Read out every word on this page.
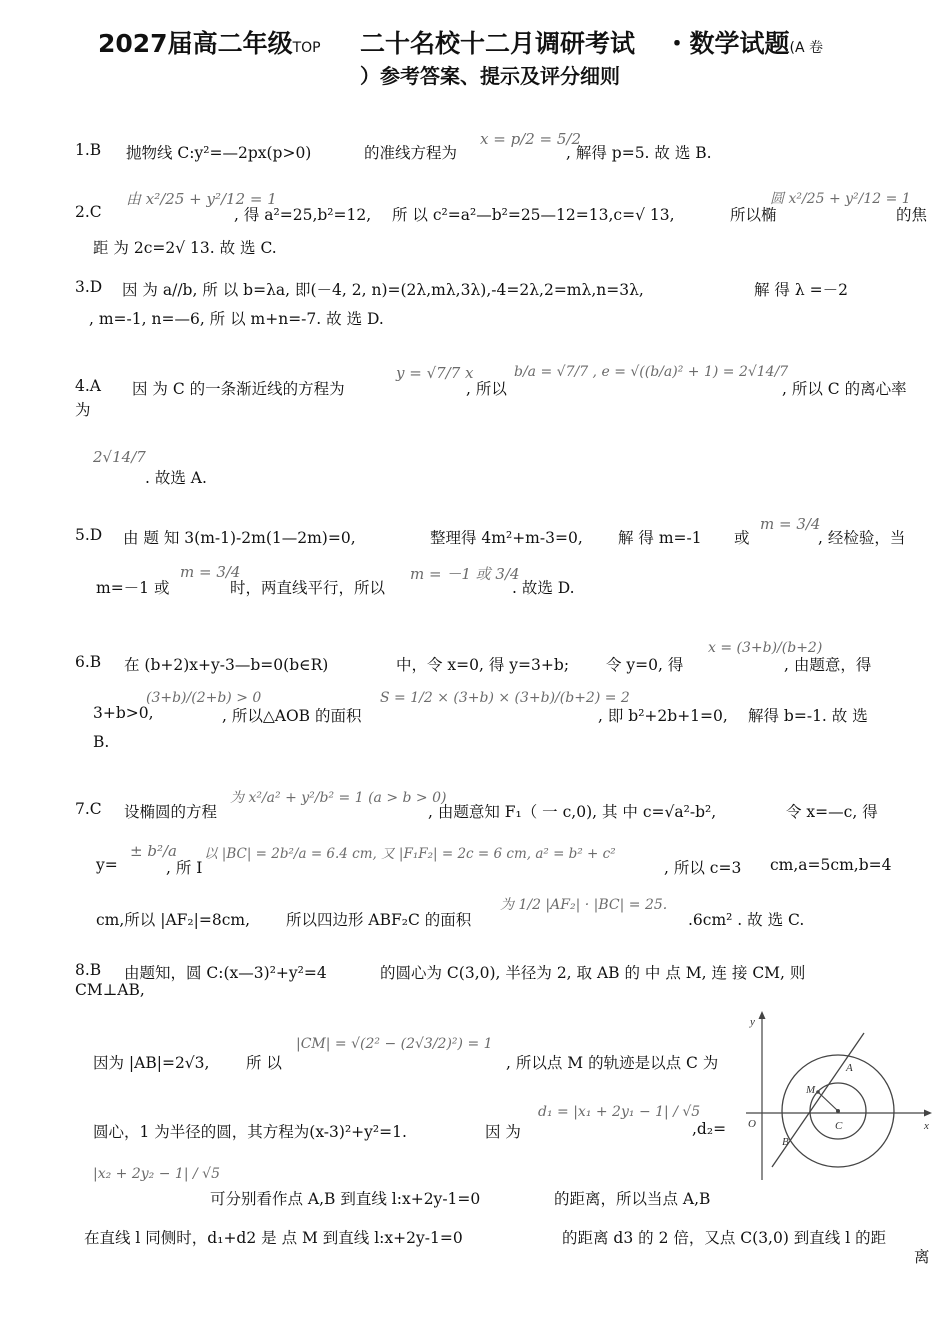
2027届高二年级TOP 二十名校十二月调研考试 ・数学试题(A 卷
）参考答案、提示及评分细则
1.B 抛物线 C:y²=—2px(p>0)	的准线方程为
x = p/2 = 5/2
, 解得 p=5. 故 选 B.
2.C
由 x²/25 + y²/12 = 1
, 得 a²=25,b²=12, 所 以 c²=a²—b²=25—12=13,c=√ 13,	所以椭
圆 x²/25 + y²/12 = 1
的焦
距 为 2c=2√ 13. 故 选 C.
3.D 因 为 a//b, 所 以 b=λa, 即(－4, 2, n)=(2λ,mλ,3λ),-4=2λ,2=mλ,n=3λ,	解 得 λ =－2
, m=-1, n=—6, 所 以 m+n=-7. 故 选 D.
4.A 因 为 C 的一条渐近线的方程为
y = √7/7 x
, 所以
b/a = √7/7 , e = √((b/a)² + 1) = 2√14/7
, 所以 C 的离心率
为
2√14/7
. 故选 A.
5.D 由 题 知 3(m-1)-2m(1—2m)=0,	整理得 4m²+m-3=0, 解 得 m=-1 或
m = 3/4
, 经检验，当
m=－1 或
m = 3/4
时，两直线平行，所以
m = －1 或 3/4
. 故选 D.
6.B 在 (b+2)x+y-3—b=0(b∈R)	中，令 x=0, 得 y=3+b; 令 y=0, 得
x = (3+b)/(b+2)
, 由题意，得
3+b>0,
(3+b)/(2+b) > 0
, 所以△AOB 的面积
S = 1/2 × (3+b) × (3+b)/(b+2) = 2
, 即 b²+2b+1=0, 解得 b=-1. 故 选
B.
7.C 设椭圆的方程
为 x²/a² + y²/b² = 1 (a > b > 0)
, 由题意知 F₁（ 一 c,0), 其 中 c=√a²-b²,	令 x=—c, 得
y=
± b²/a
, 所 I
以 |BC| = 2b²/a = 6.4 cm, 又 |F₁F₂| = 2c = 6 cm, a² = b² + c²
, 所以 c=3 cm,a=5cm,b=4
cm,所以 |AF₂|=8cm, 所以四边形 ABF₂C 的面积
为 1/2 |AF₂| · |BC| = 25.
.6cm² . 故 选 C.
8.B 由题知，圆 C:(x—3)²+y²=4	的圆心为 C(3,0), 半径为 2, 取 AB 的 中 点 M, 连 接 CM, 则
CM⊥AB,
因为 |AB|=2√3, 所 以
|CM| = √(2² − (2√3/2)²) = 1
, 所以点 M 的轨迹是以点 C 为
圆心，1 为半径的圆，其方程为(x-3)²+y²=1.	因 为
d₁ = |x₁ + 2y₁ − 1| / √5
,d₂=
|x₂ + 2y₂ − 1| / √5
可分别看作点 A,B 到直线 l:x+2y-1=0	的距离，所以当点 A,B
在直线 l 同侧时，d₁+d2 是 点 M 到直线 l:x+2y-1=0	的距离 d3 的 2 倍，又点 C(3,0) 到直线 l 的距
离
y
x
O
A
M
C
B
